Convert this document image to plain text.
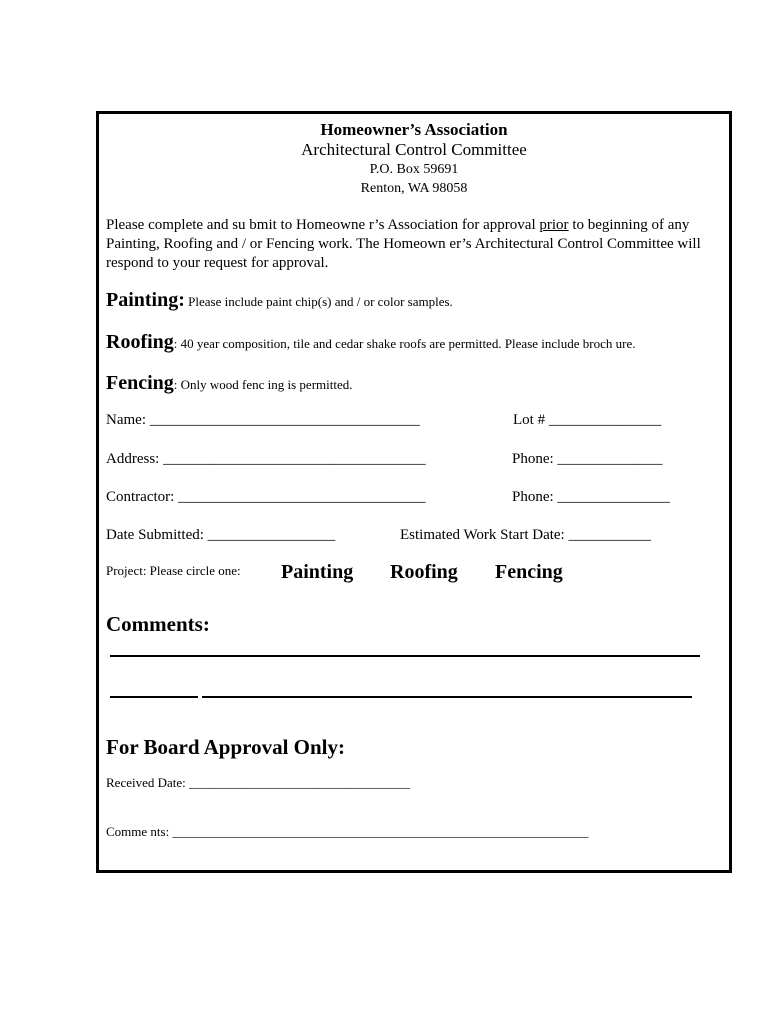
Homeowner’s Association
Architectural Control Committee
P.O. Box 59691
Renton, WA 98058
Please complete and su bmit to Homeowne r’s Association for approval prior to beginning of any Painting, Roofing and / or Fencing work. The Homeown er’s Architectural Control Committee will respond to your request for approval.
Painting: Please include paint chip(s) and / or color samples.
Roofing: 40 year composition, tile and cedar shake roofs are permitted. Please include broch ure.
Fencing: Only wood fenc ing is permitted.
Name: ____________________________________	Lot # _______________
Address: ___________________________________	Phone: ______________
Contractor: _________________________________	Phone: _______________
Date Submitted: _________________	Estimated Work Start Date: ___________
Project: Please circle one: Painting Roofing Fencing
Comments:
For Board Approval Only:
Received Date: __________________________________
Comme nts: ________________________________________________________________
